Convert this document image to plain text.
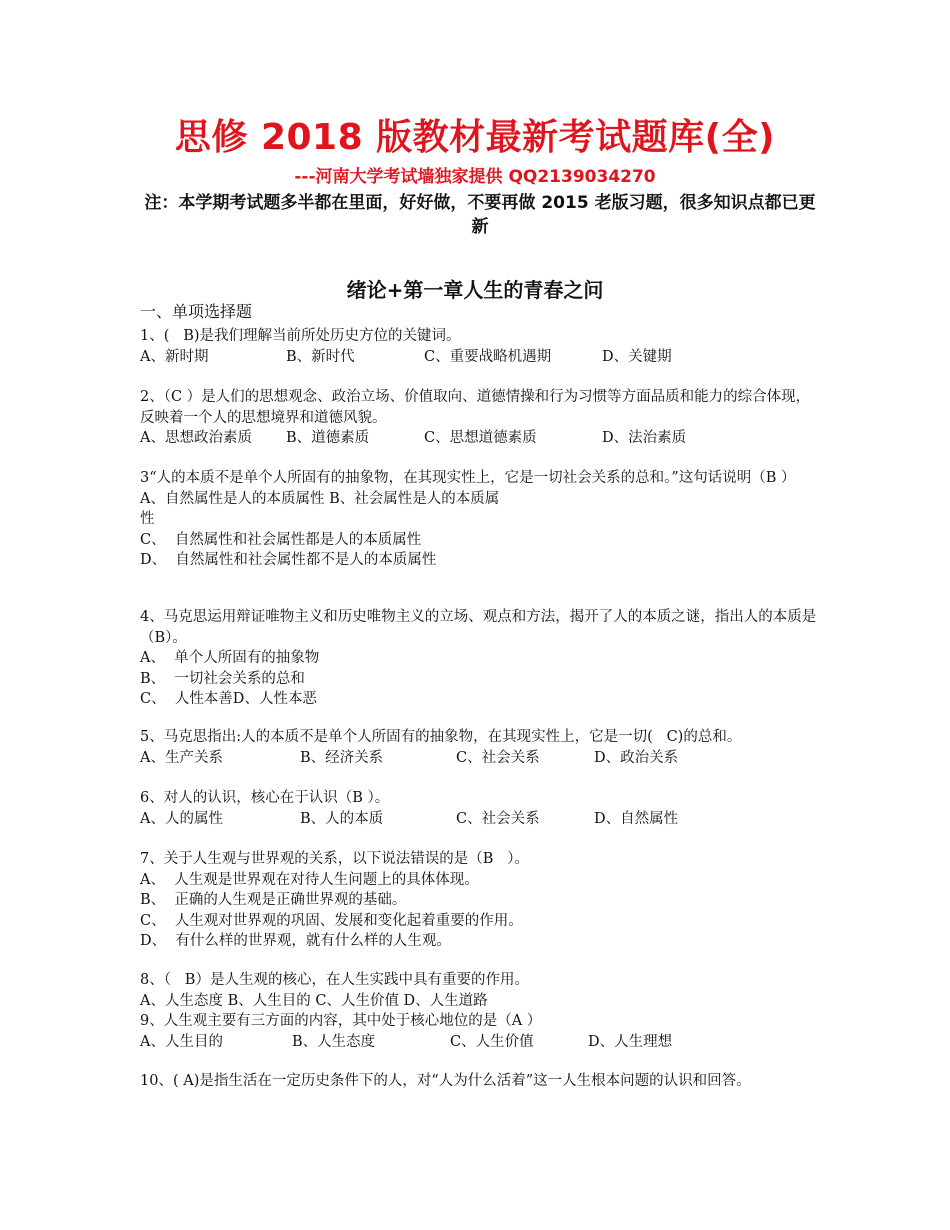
思修 2018 版教材最新考试题库(全)
---河南大学考试墙独家提供 QQ2139034270
注：本学期考试题多半都在里面，好好做，不要再做 2015 老版习题，很多知识点都已更新
绪论+第一章人生的青春之问
一、单项选择题
1、(   B)是我们理解当前所处历史方位的关键词。
A、新时期	B、新时代	C、重要战略机遇期	D、关键期
2、（C ）是人们的思想观念、政治立场、价值取向、道德情操和行为习惯等方面品质和能力的综合体现，反映着一个人的思想境界和道德风貌。
A、思想政治素质 B、道德素质	C、思想道德素质	D、法治素质
3“人的本质不是单个人所固有的抽象物，在其现实性上，它是一切社会关系的总和。”这句话说明（B ）
A、自然属性是人的本质属性 B、社会属性是人的本质属
性
C、  自然属性和社会属性都是人的本质属性
D、  自然属性和社会属性都不是人的本质属性
4、马克思运用辩证唯物主义和历史唯物主义的立场、观点和方法，揭开了人的本质之谜，指出人的本质是（B）。
A、  单个人所固有的抽象物
B、  一切社会关系的总和
C、  人性本善D、人性本恶
5、马克思指出:人的本质不是单个人所固有的抽象物，在其现实性上，它是一切(   C)的总和。
A、生产关系	B、经济关系	C、社会关系	D、政治关系
6、对人的认识，核心在于认识（B ）。
A、人的属性	B、人的本质	C、社会关系	D、自然属性
7、关于人生观与世界观的关系，以下说法错误的是（B   ）。
A、  人生观是世界观在对待人生问题上的具体体现。
B、  正确的人生观是正确世界观的基础。
C、  人生观对世界观的巩固、发展和变化起着重要的作用。
D、  有什么样的世界观，就有什么样的人生观。
8、（   B）是人生观的核心，在人生实践中具有重要的作用。
A、人生态度 B、人生目的 C、人生价值 D、人生道路
9、人生观主要有三方面的内容，其中处于核心地位的是（A ）
A、人生目的	B、人生态度	C、人生价值	D、人生理想
10、( A)是指生活在一定历史条件下的人，对“人为什么活着”这一人生根本问题的认识和回答。
